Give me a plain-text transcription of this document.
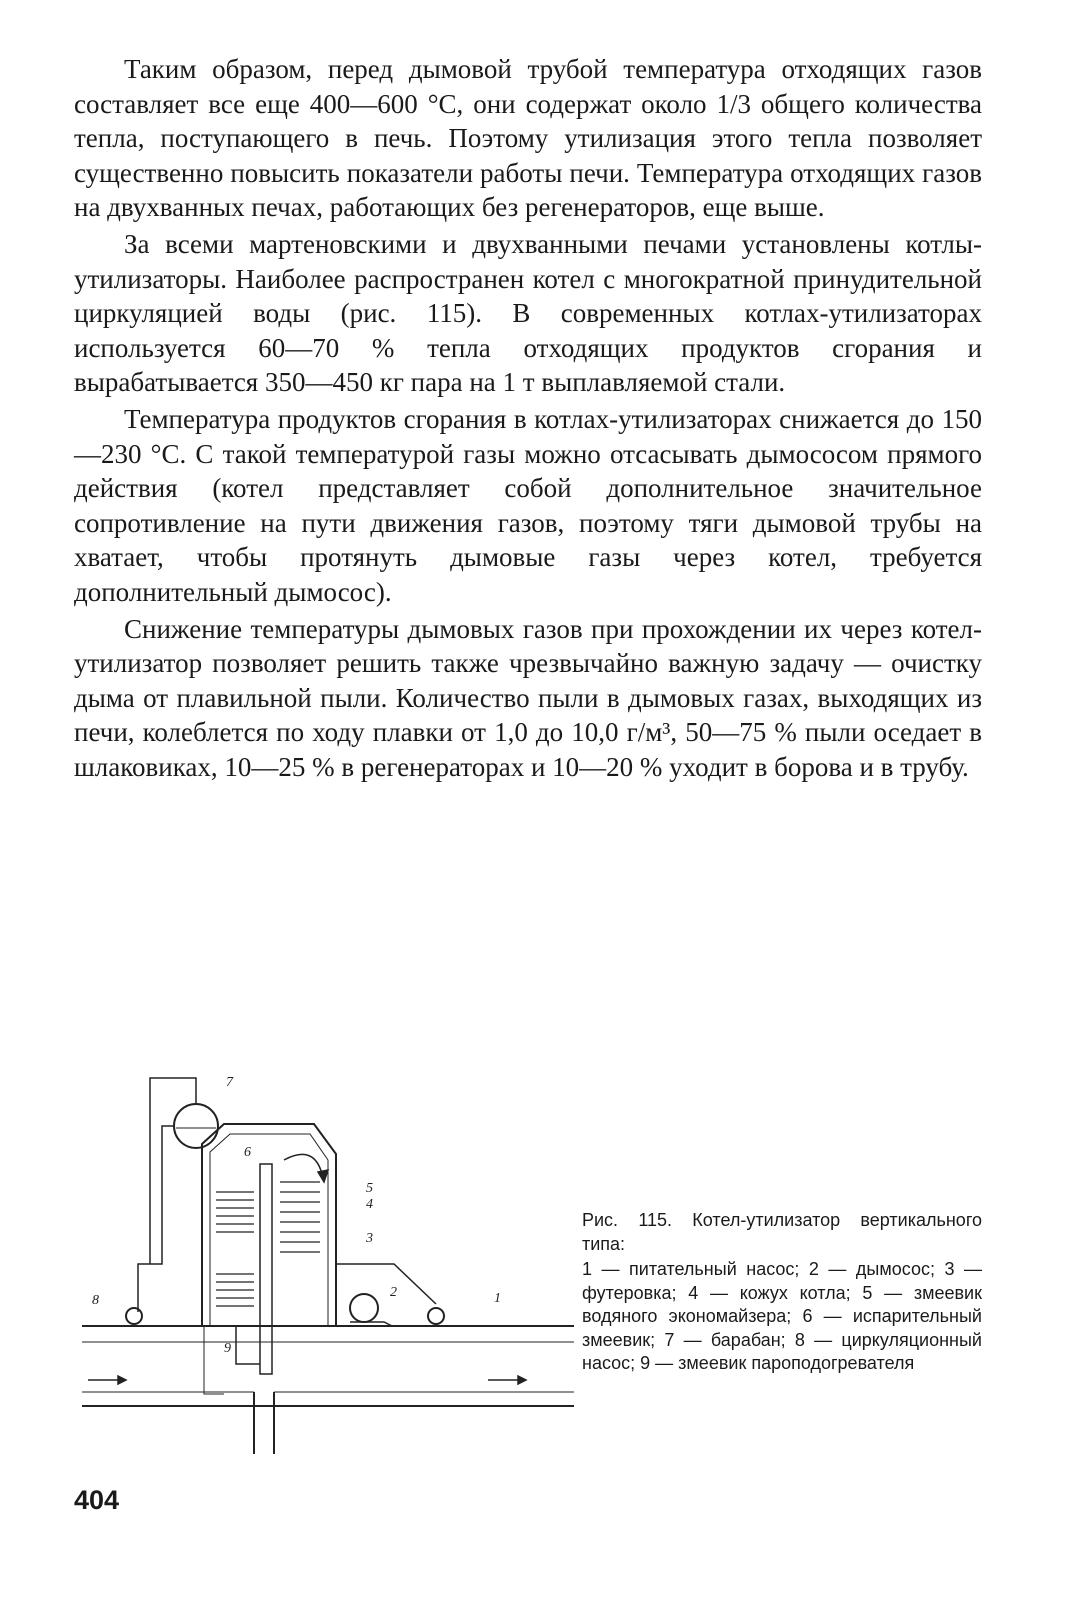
Таким образом, перед дымовой трубой температура отходящих газов составляет все еще 400—600 °С, они содержат около 1/3 общего количества тепла, поступающего в печь. Поэтому утилизация этого тепла позволяет существенно повысить показатели работы печи. Температура отходящих газов на двухванных печах, работающих без регенераторов, еще выше.

За всеми мартеновскими и двухванными печами установлены котлы-утилизаторы. Наиболее распространен котел с многократной принудительной циркуляцией воды (рис. 115). В современных котлах-утилизаторах используется 60—70 % тепла отходящих продуктов сгорания и вырабатывается 350—450 кг пара на 1 т выплавляемой стали.

Температура продуктов сгорания в котлах-утилизаторах снижается до 150—230 °С. С такой температурой газы можно отсасывать дымососом прямого действия (котел представляет собой дополнительное значительное сопротивление на пути движения газов, поэтому тяги дымовой трубы на хватает, чтобы протянуть дымовые газы через котел, требуется дополнительный дымосос).

Снижение температуры дымовых газов при прохождении их через котел-утилизатор позволяет решить также чрезвычайно важную задачу — очистку дыма от плавильной пыли. Количество пыли в дымовых газах, выходящих из печи, колеблется по ходу плавки от 1,0 до 10,0 г/м³, 50—75 % пыли оседает в шлаковиках, 10—25 % в регенераторах и 10—20 % уходит в борова и в трубу.

1
2
3
4
5
6
7
8
9
Рис. 115. Котел-утилизатор вертикального типа:
1 — питательный насос; 2 — дымосос; 3 — футеровка; 4 — кожух котла; 5 — змеевик водяного экономайзера; 6 — испарительный змеевик; 7 — барабан; 8 — циркуляционный насос; 9 — змеевик пароподогревателя
404
